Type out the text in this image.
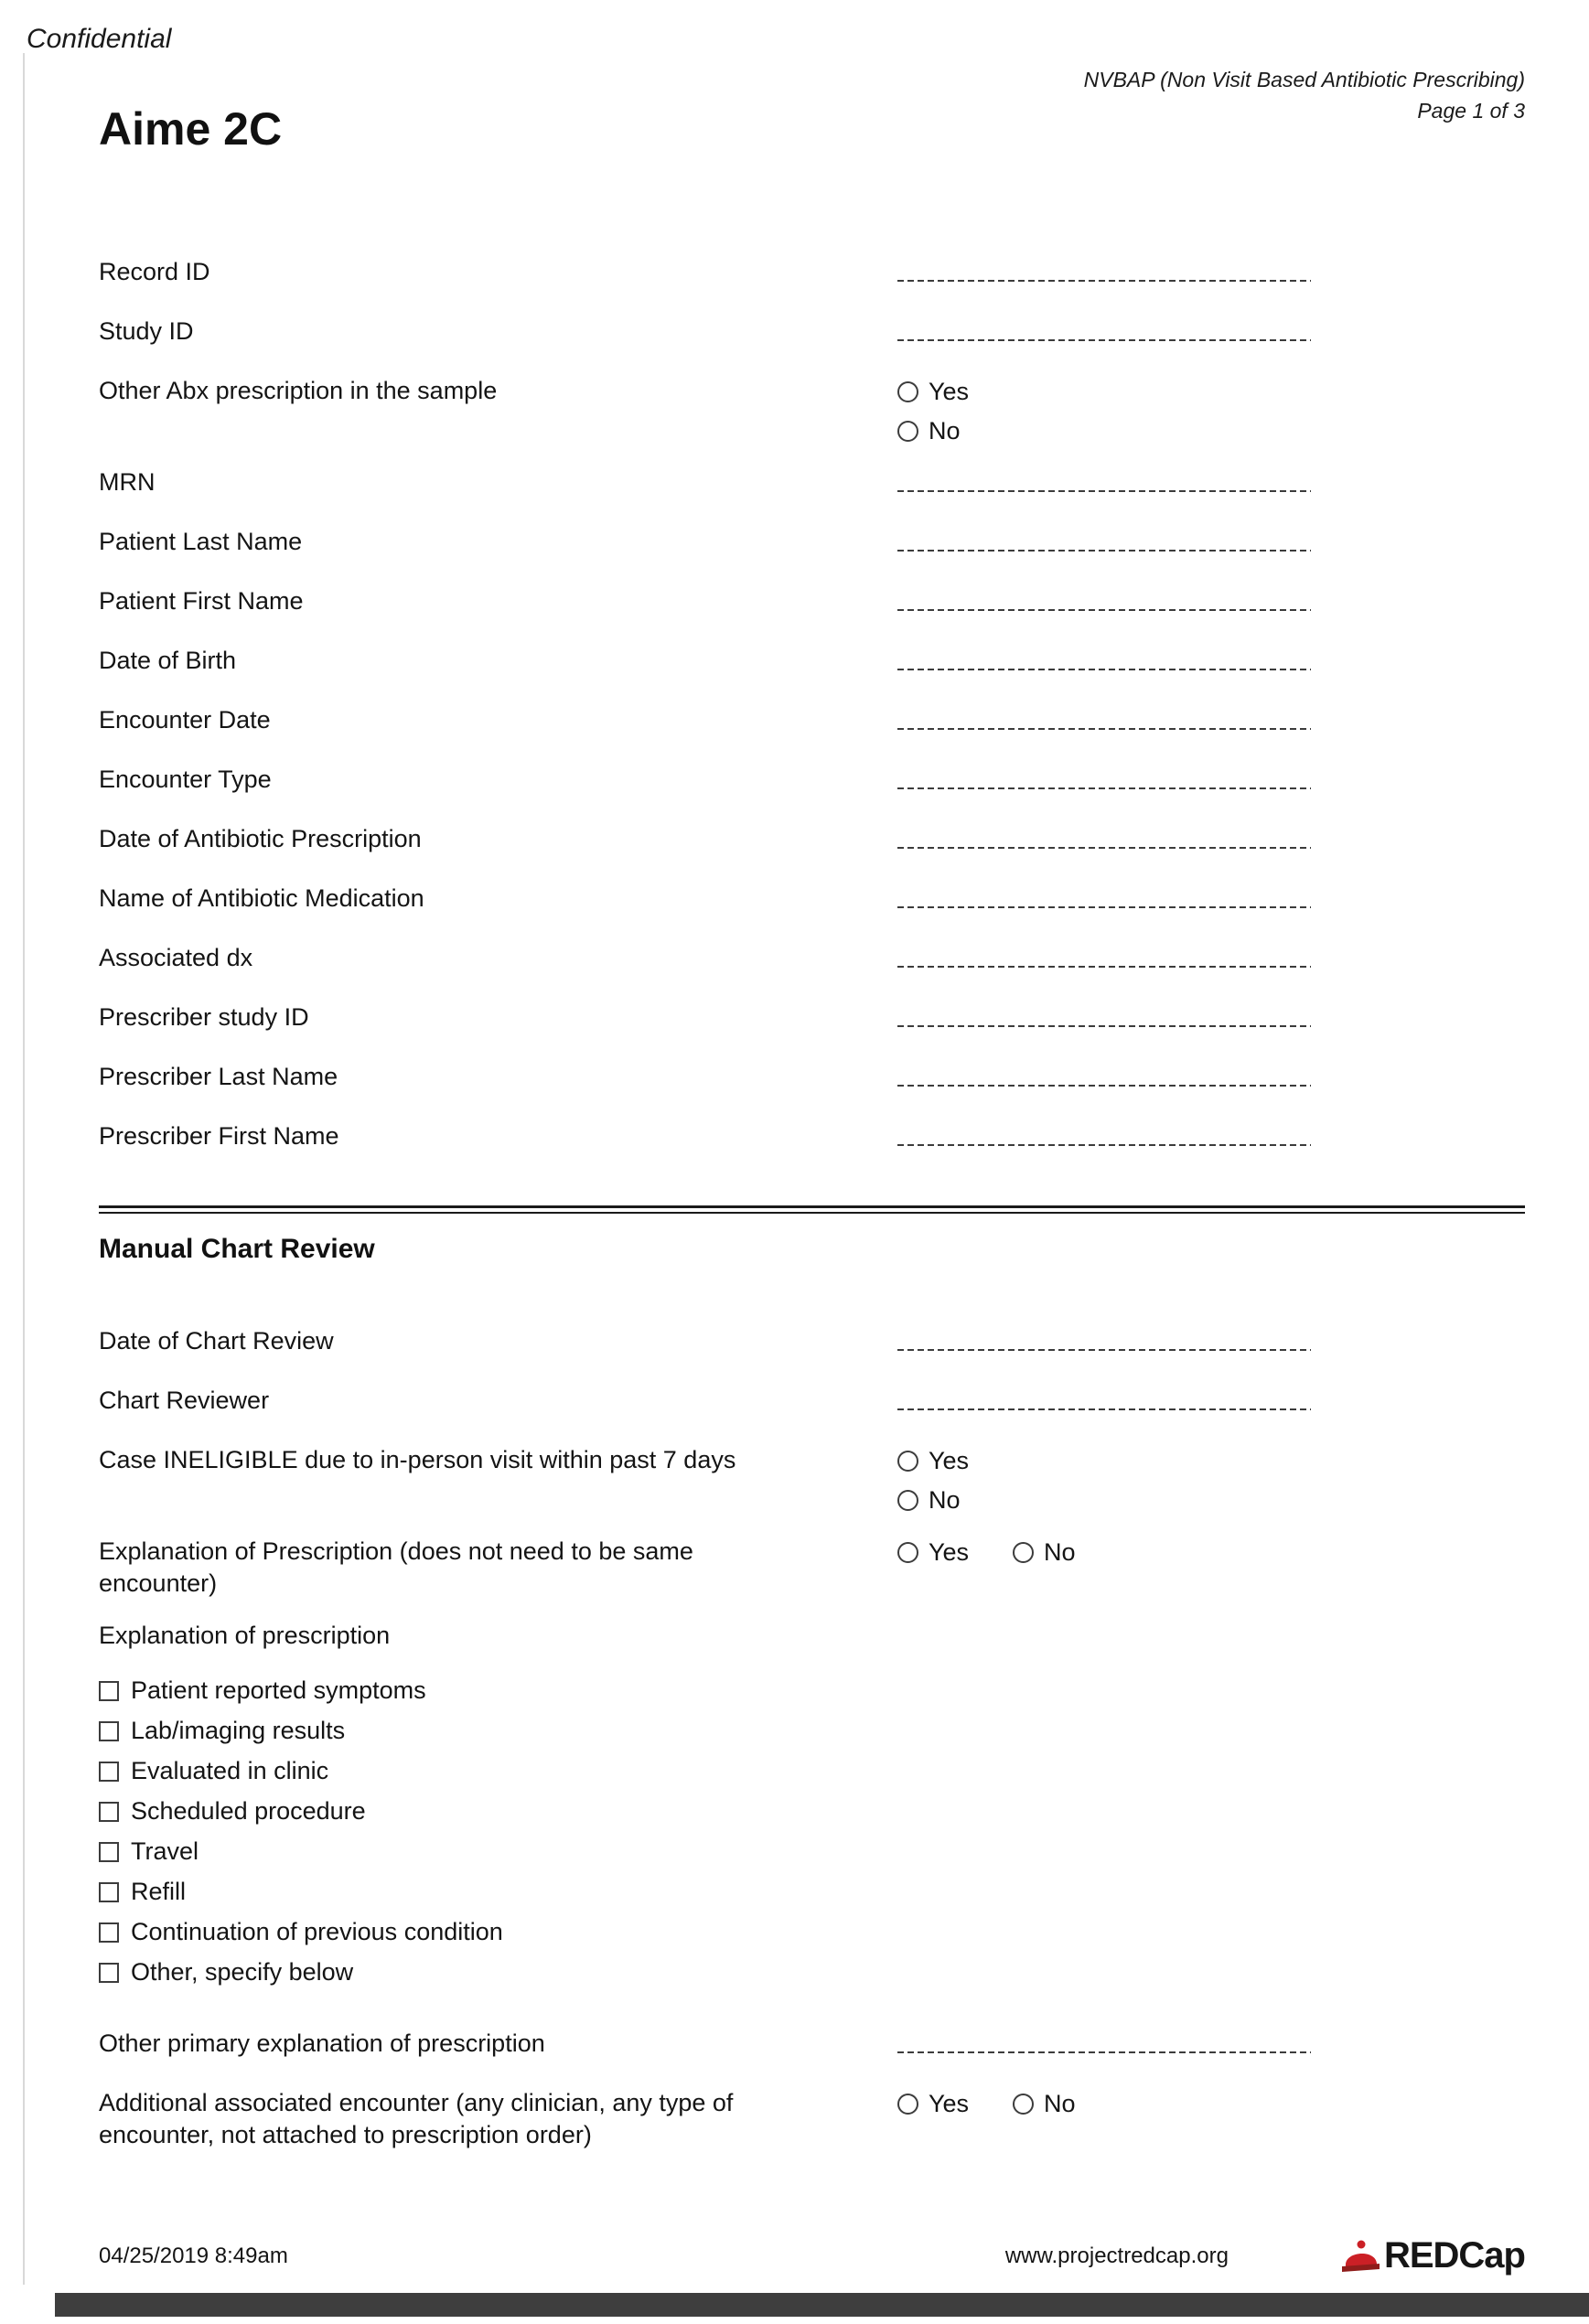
Confidential
NVBAP (Non Visit Based Antibiotic Prescribing)
Page 1 of 3
Aime 2C
Record ID
Study ID
Other Abx prescription in the sample	Yes
No
MRN
Patient Last Name
Patient First Name
Date of Birth
Encounter Date
Encounter Type
Date of Antibiotic Prescription
Name of Antibiotic Medication
Associated dx
Prescriber study ID
Prescriber Last Name
Prescriber First Name
Manual Chart Review
Date of Chart Review
Chart Reviewer
Case INELIGIBLE due to in-person visit within past 7 days	Yes
No
Explanation of Prescription (does not need to be same encounter)
Yes	No
Explanation of prescription
Patient reported symptoms
Lab/imaging results
Evaluated in clinic
Scheduled procedure
Travel
Refill
Continuation of previous condition
Other, specify below
Other primary explanation of prescription
Additional associated encounter (any clinician, any type of encounter, not attached to prescription order)
Yes	No
04/25/2019 8:49am	www.projectredcap.org	REDCap
